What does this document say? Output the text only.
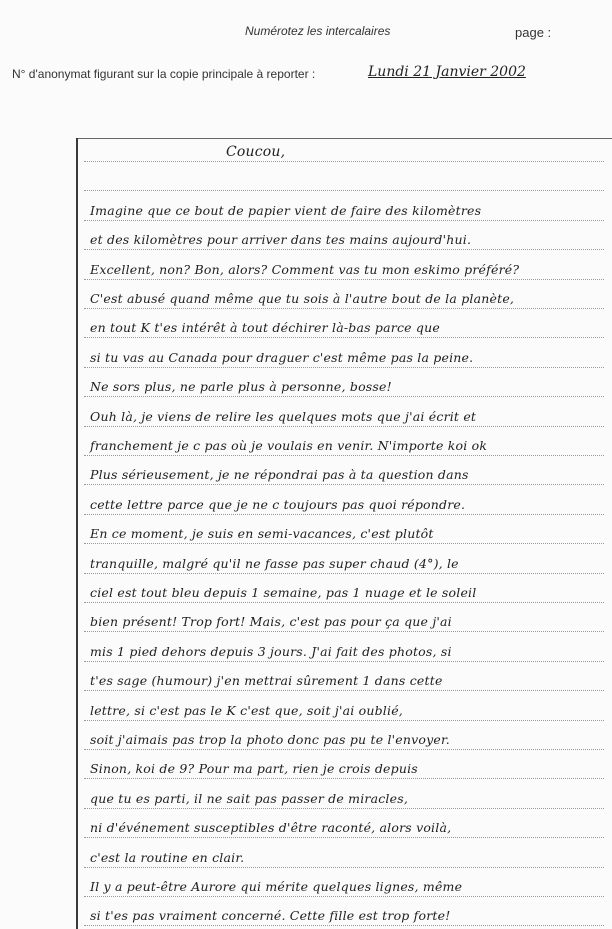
Numérotez les intercalaires	page :
N° d'anonymat figurant sur la copie principale à reporter :	Lundi 21 Janvier 2002
Coucou,
Imagine que ce bout de papier vient de faire des kilomètres
et des kilomètres pour arriver dans tes mains aujourd'hui.
Excellent, non? Bon, alors? Comment vas tu mon eskimo préféré?
C'est abusé quand même que tu sois à l'autre bout de la planète,
en tout K t'es intérêt à tout déchirer là-bas parce que
si tu vas au Canada pour draguer c'est même pas la peine.
Ne sors plus, ne parle plus à personne, bosse!
Ouh là, je viens de relire les quelques mots que j'ai écrit et
franchement je c pas où je voulais en venir. N'importe koi ok
Plus sérieusement, je ne répondrai pas à ta question dans
cette lettre parce que je ne c toujours pas quoi répondre.
En ce moment, je suis en semi-vacances, c'est plutôt
tranquille, malgré qu'il ne fasse pas super chaud (4°), le
ciel est tout bleu depuis 1 semaine, pas 1 nuage et le soleil
bien présent! Trop fort! Mais, c'est pas pour ça que j'ai
mis 1 pied dehors depuis 3 jours. J'ai fait des photos, si
t'es sage (humour) j'en mettrai sûrement 1 dans cette
lettre, si c'est pas le K c'est que, soit j'ai oublié,
soit j'aimais pas trop la photo donc pas pu te l'envoyer.
Sinon, koi de 9? Pour ma part, rien je crois depuis
que tu es parti, il ne sait pas passer de miracles,
ni d'événement susceptibles d'être raconté, alors voilà,
c'est la routine en clair.
Il y a peut-être Aurore qui mérite quelques lignes, même
si t'es pas vraiment concerné. Cette fille est trop forte!
